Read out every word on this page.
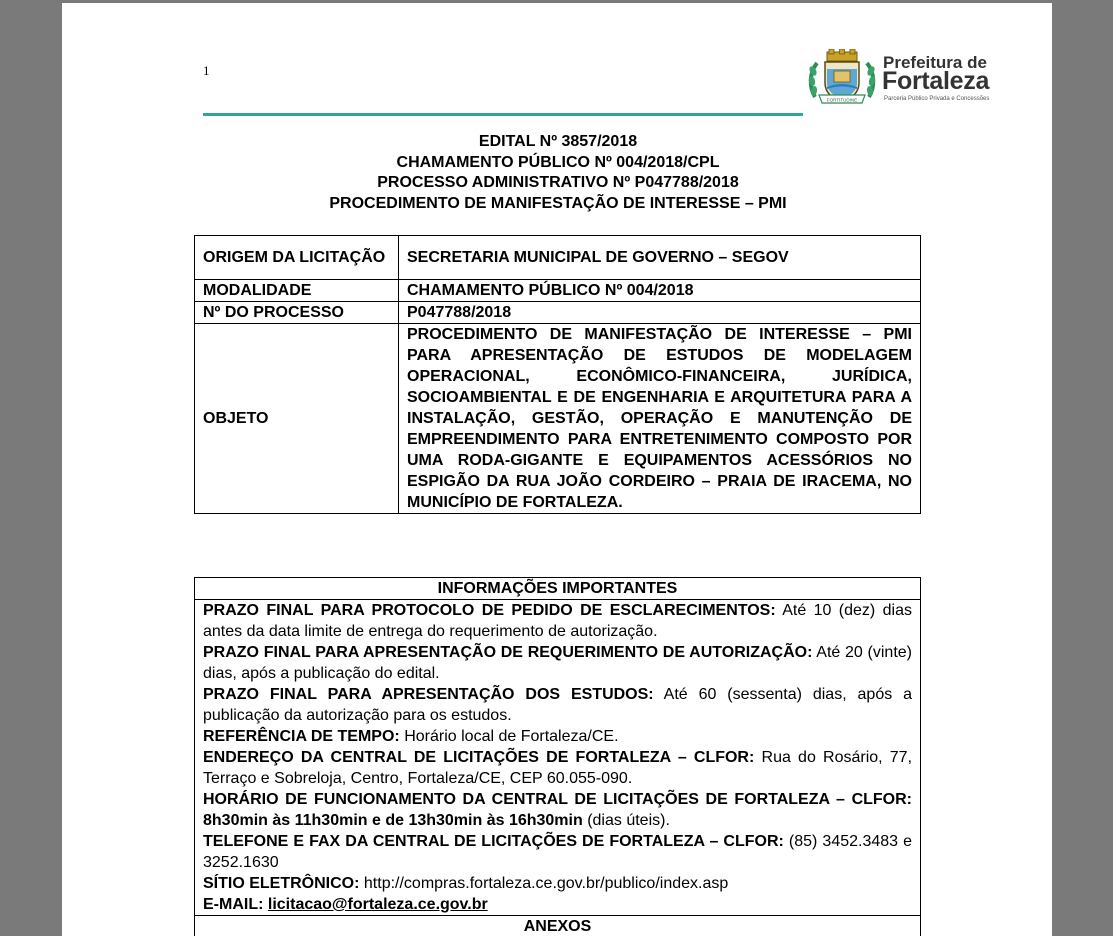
1
FORTITUDINE
Prefeitura de
Fortaleza
Parceria Público Privada e Concessões
EDITAL Nº 3857/2018
CHAMAMENTO PÚBLICO Nº 004/2018/CPL
PROCESSO ADMINISTRATIVO Nº P047788/2018
PROCEDIMENTO DE MANIFESTAÇÃO DE INTERESSE – PMI
ORIGEM DA LICITAÇÃO	SECRETARIA MUNICIPAL DE GOVERNO – SEGOV
MODALIDADE	CHAMAMENTO PÚBLICO Nº 004/2018
Nº DO PROCESSO	P047788/2018
OBJETO	PROCEDIMENTO DE MANIFESTAÇÃO DE INTERESSE – PMI PARA APRESENTAÇÃO DE ESTUDOS DE MODELAGEM OPERACIONAL, ECONÔMICO-FINANCEIRA, JURÍDICA, SOCIOAMBIENTAL E DE ENGENHARIA E ARQUITETURA PARA A INSTALAÇÃO, GESTÃO, OPERAÇÃO E MANUTENÇÃO DE EMPREENDIMENTO PARA ENTRETENIMENTO COMPOSTO POR UMA RODA-GIGANTE E EQUIPAMENTOS ACESSÓRIOS NO ESPIGÃO DA RUA JOÃO CORDEIRO – PRAIA DE IRACEMA, NO MUNICÍPIO DE FORTALEZA.
INFORMAÇÕES IMPORTANTES

PRAZO FINAL PARA PROTOCOLO DE PEDIDO DE ESCLARECIMENTOS: Até 10 (dez) dias antes da data limite de entrega do requerimento de autorização.

PRAZO FINAL PARA APRESENTAÇÃO DE REQUERIMENTO DE AUTORIZAÇÃO: Até 20 (vinte) dias, após a publicação do edital.

PRAZO FINAL PARA APRESENTAÇÃO DOS ESTUDOS: Até 60 (sessenta) dias, após a publicação da autorização para os estudos.

REFERÊNCIA DE TEMPO: Horário local de Fortaleza/CE.

ENDEREÇO DA CENTRAL DE LICITAÇÕES DE FORTALEZA – CLFOR: Rua do Rosário, 77, Terraço e Sobreloja, Centro, Fortaleza/CE, CEP 60.055-090.

HORÁRIO DE FUNCIONAMENTO DA CENTRAL DE LICITAÇÕES DE FORTALEZA – CLFOR: 8h30min às 11h30min e de 13h30min às 16h30min (dias úteis).

TELEFONE E FAX DA CENTRAL DE LICITAÇÕES DE FORTALEZA – CLFOR: (85) 3452.3483 e 3252.1630

SÍTIO ELETRÔNICO: http://compras.fortaleza.ce.gov.br/publico/index.asp

E-MAIL: licitacao@fortaleza.ce.gov.br

ANEXOS
